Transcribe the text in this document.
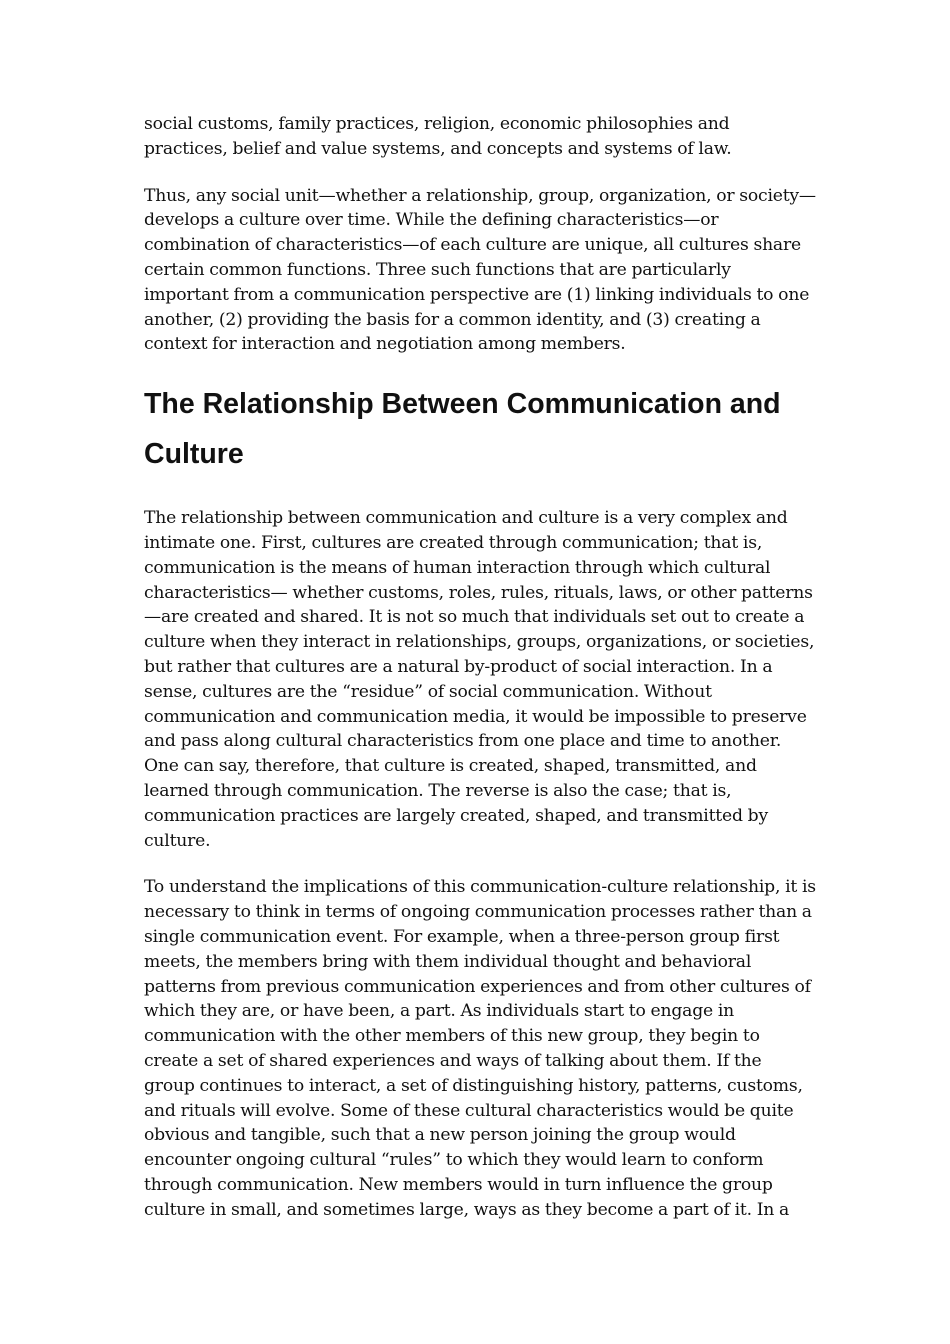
social customs, family practices, religion, economic philosophies and practices, belief and value systems, and concepts and systems of law.

Thus, any social unit—whether a relationship, group, organization, or society—develops a culture over time. While the defining characteristics—or combination of characteristics—of each culture are unique, all cultures share certain common functions. Three such functions that are particularly important from a communication perspective are (1) linking individuals to one another, (2) providing the basis for a common identity, and (3) creating a context for interaction and negotiation among members.

The Relationship Between Communication and Culture

The relationship between communication and culture is a very complex and intimate one. First, cultures are created through communication; that is, communication is the means of human interaction through which cultural characteristics— whether customs, roles, rules, rituals, laws, or other patterns—are created and shared. It is not so much that individuals set out to create a culture when they interact in relationships, groups, organizations, or societies, but rather that cultures are a natural by-product of social interaction. In a sense, cultures are the “residue” of social communication. Without communication and communication media, it would be impossible to preserve and pass along cultural characteristics from one place and time to another. One can say, therefore, that culture is created, shaped, transmitted, and learned through communication. The reverse is also the case; that is, communication practices are largely created, shaped, and transmitted by culture.

To understand the implications of this communication-culture relationship, it is necessary to think in terms of ongoing communication processes rather than a single communication event. For example, when a three-person group first meets, the members bring with them individual thought and behavioral patterns from previous communication experiences and from other cultures of which they are, or have been, a part. As individuals start to engage in communication with the other members of this new group, they begin to create a set of shared experiences and ways of talking about them. If the group continues to interact, a set of distinguishing history, patterns, customs, and rituals will evolve. Some of these cultural characteristics would be quite obvious and tangible, such that a new person joining the group would encounter ongoing cultural “rules” to which they would learn to conform through communication. New members would in turn influence the group culture in small, and sometimes large, ways as they become a part of it. In a
